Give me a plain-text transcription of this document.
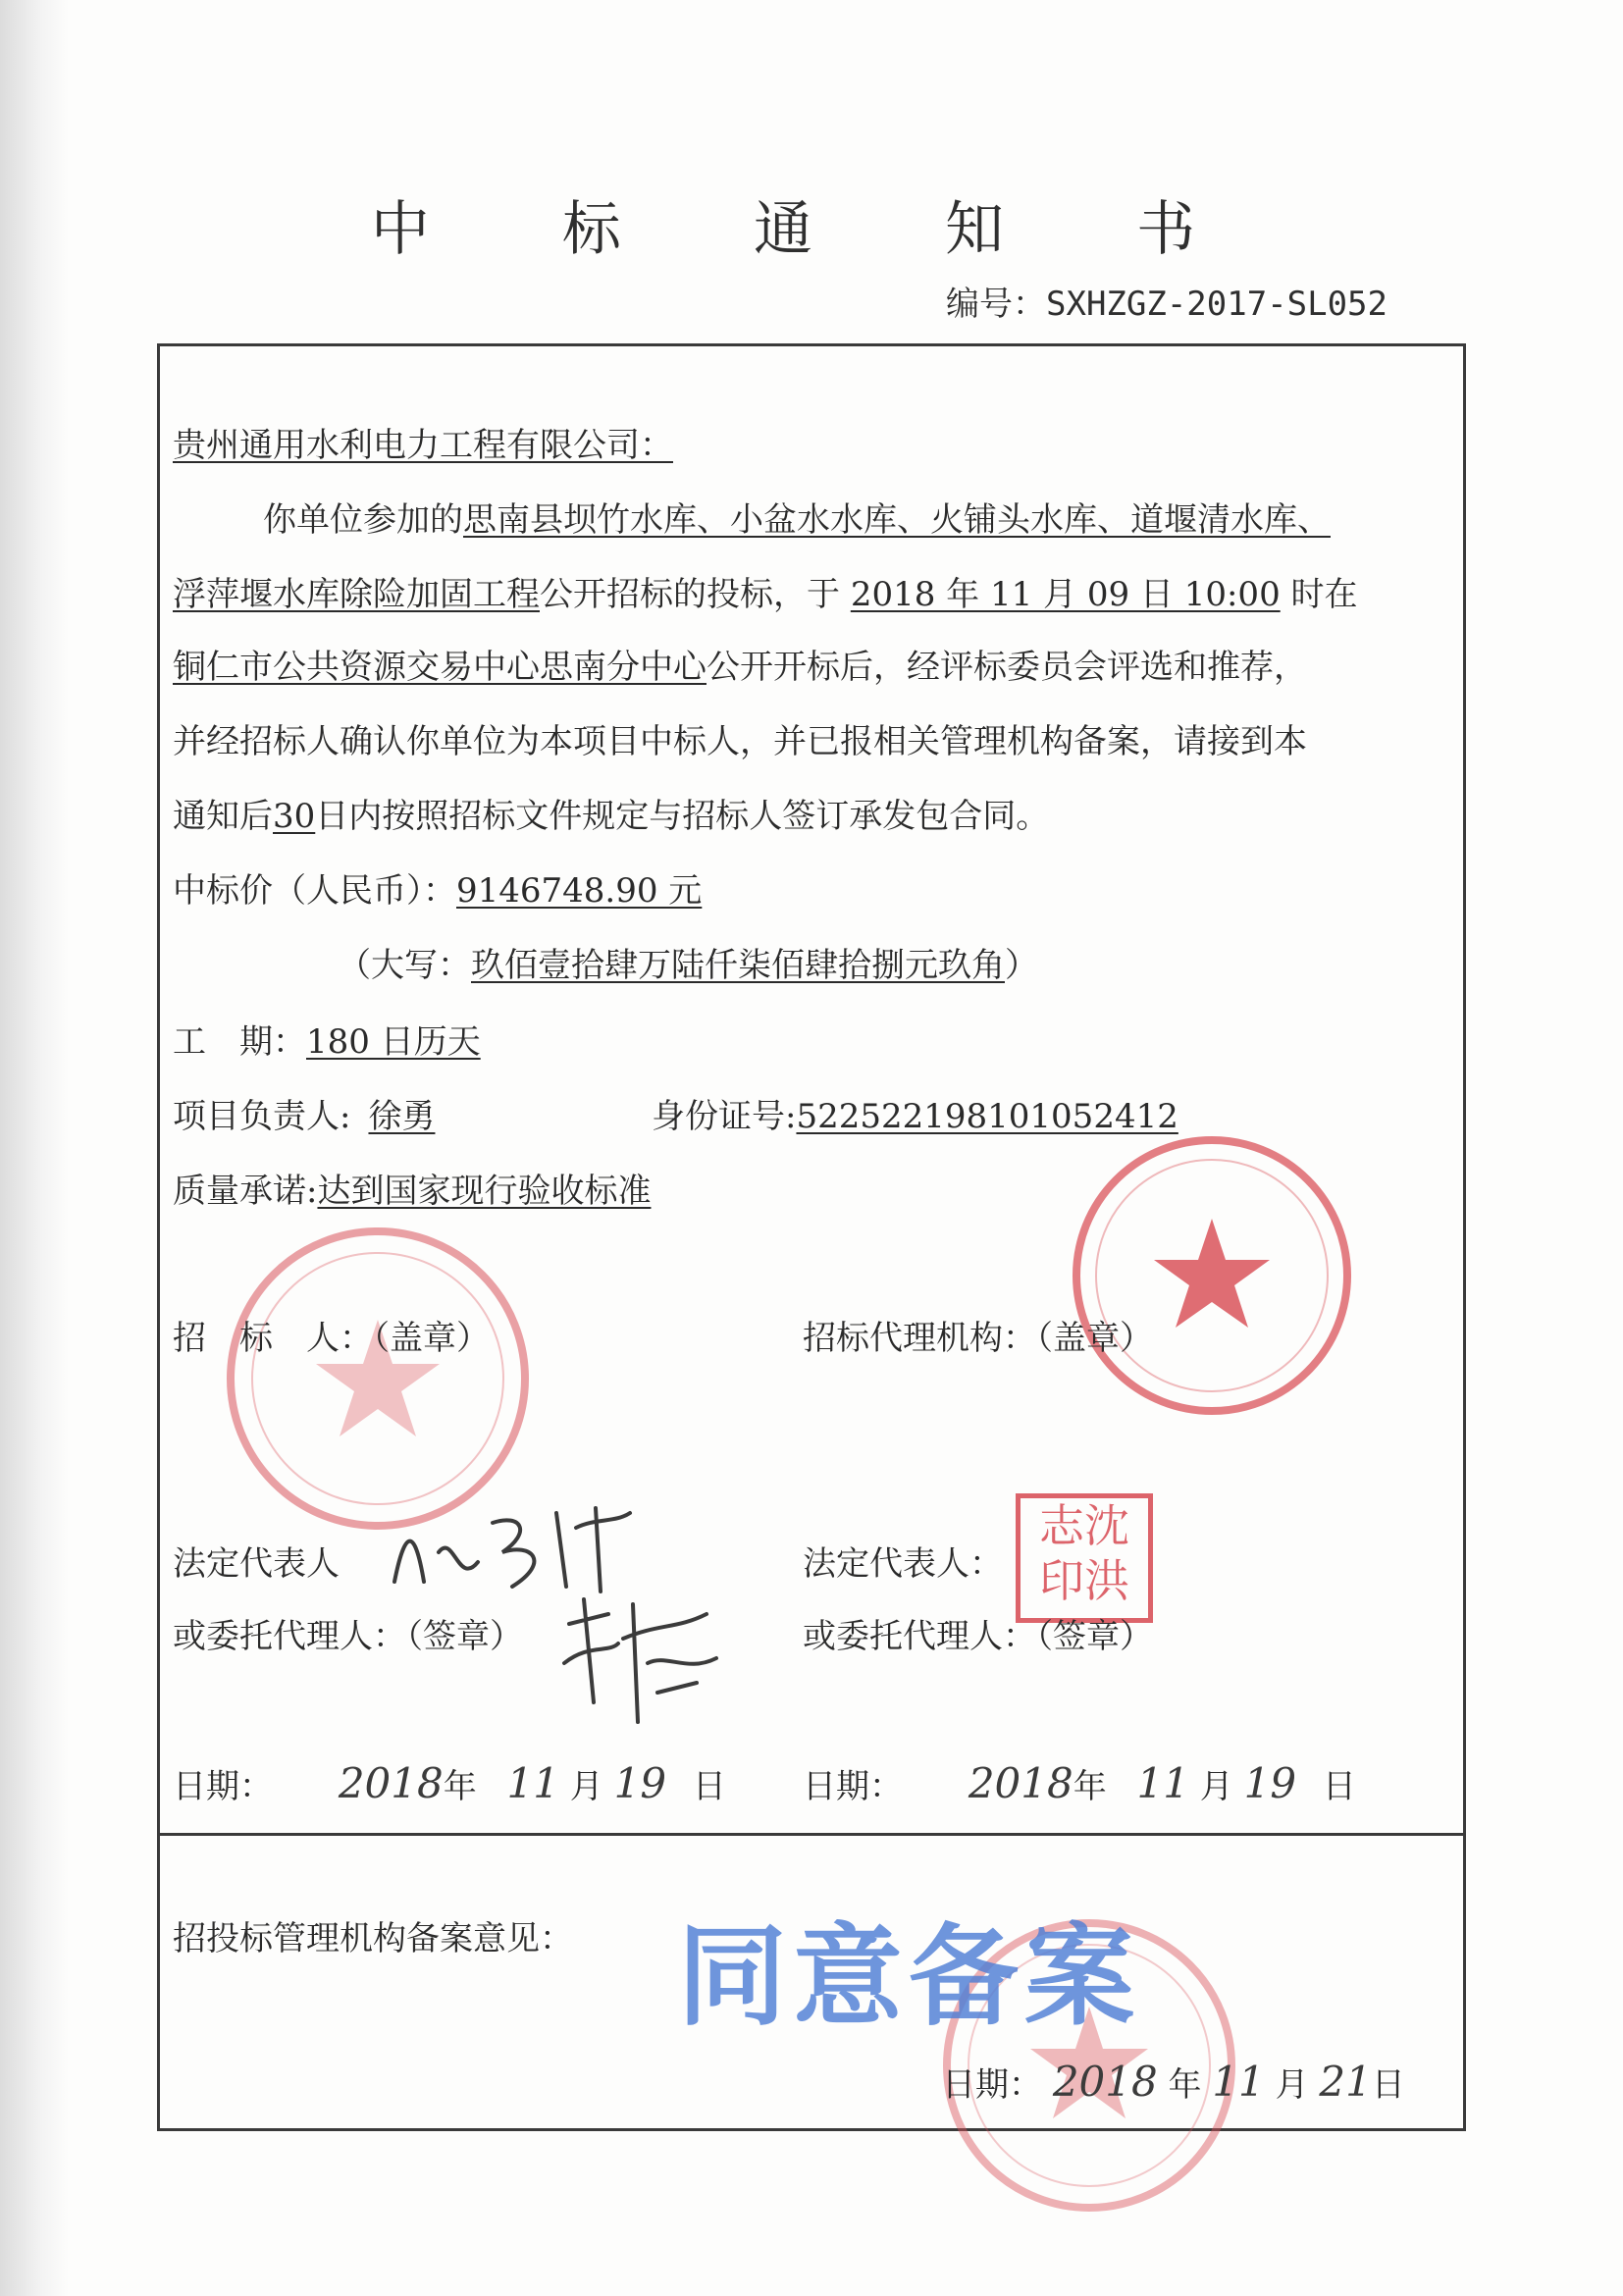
中 标 通 知 书
编号：SXHZGZ-2017-SL052
贵州通用水利电力工程有限公司：
你单位参加的思南县坝竹水库、小盆水水库、火铺头水库、道堰清水库、
浮萍堰水库除险加固工程公开招标的投标，于 2018 年 11 月 09 日 10:00 时在
铜仁市公共资源交易中心思南分中心公开开标后，经评标委员会评选和推荐，
并经招标人确认你单位为本项目中标人，并已报相关管理机构备案，请接到本
通知后30日内按照招标文件规定与招标人签订承发包合同。
中标价（人民币）：9146748.90 元
（大写：玖佰壹拾肆万陆仟柒佰肆拾捌元玖角）
工　期：180 日历天
项目负责人: 徐勇	身份证号:522522198101052412
质量承诺:达到国家现行验收标准
招　标　人：（盖章）	招标代理机构：（盖章）
法定代表人	法定代表人：
志沈
印洪
或委托代理人：（签章）	或委托代理人：（签章）
日期： 2018年 11 月 19 日 日期： 2018年 11 月 19 日
招投标管理机构备案意见： 同意备案
日期： 2018 年 11 月 21日
